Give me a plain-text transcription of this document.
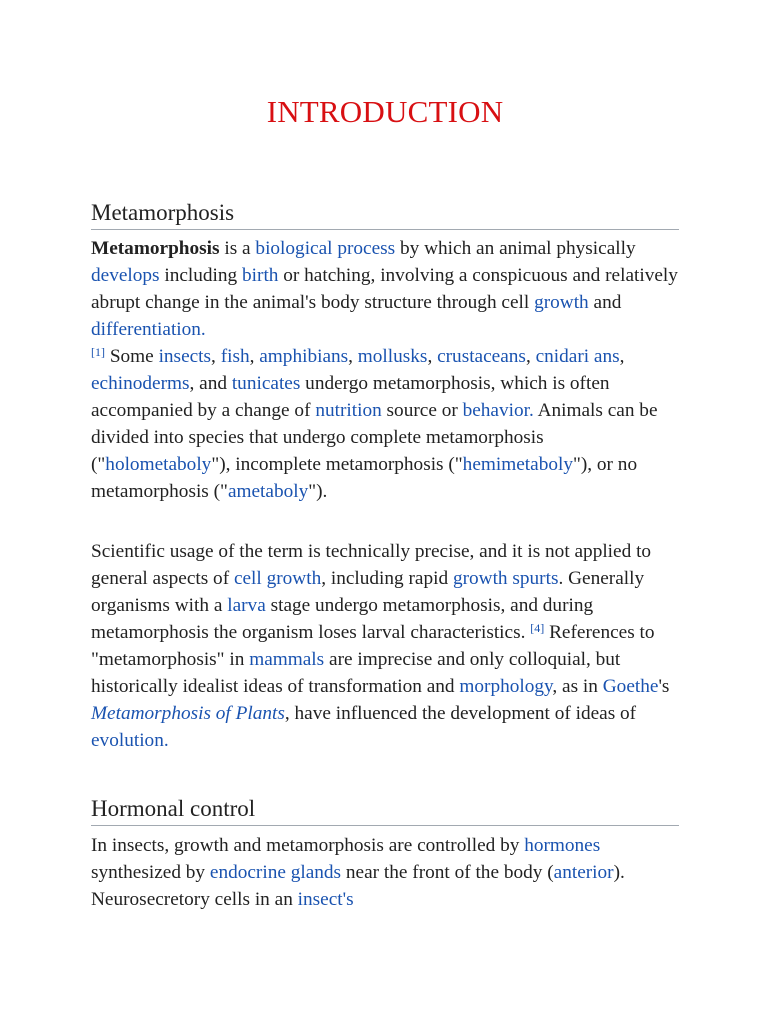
INTRODUCTION
Metamorphosis

Metamorphosis is a biological process by which an animal physically develops including birth or hatching, involving a conspicuous and relatively abrupt change in the animal's body structure through cell growth and differentiation.
[1] Some insects, fish, amphibians, mollusks, crustaceans, cnidari ans, echinoderms, and tunicates undergo metamorphosis, which is often accompanied by a change of nutrition source or behavior. Animals can be divided into species that undergo complete metamorphosis ("holometaboly"), incomplete metamorphosis ("hemimetaboly"), or no metamorphosis ("ametaboly").

Scientific usage of the term is technically precise, and it is not applied to general aspects of cell growth, including rapid growth spurts. Generally organisms with a larva stage undergo metamorphosis, and during metamorphosis the organism loses larval characteristics. [4] References to "metamorphosis" in mammals are imprecise and only colloquial, but historically idealist ideas of transformation and morphology, as in Goethe's Metamorphosis of Plants, have influenced the development of ideas of evolution.

Hormonal control

In insects, growth and metamorphosis are controlled by hormones synthesized by endocrine glands near the front of the body (anterior). Neurosecretory cells in an insect's
